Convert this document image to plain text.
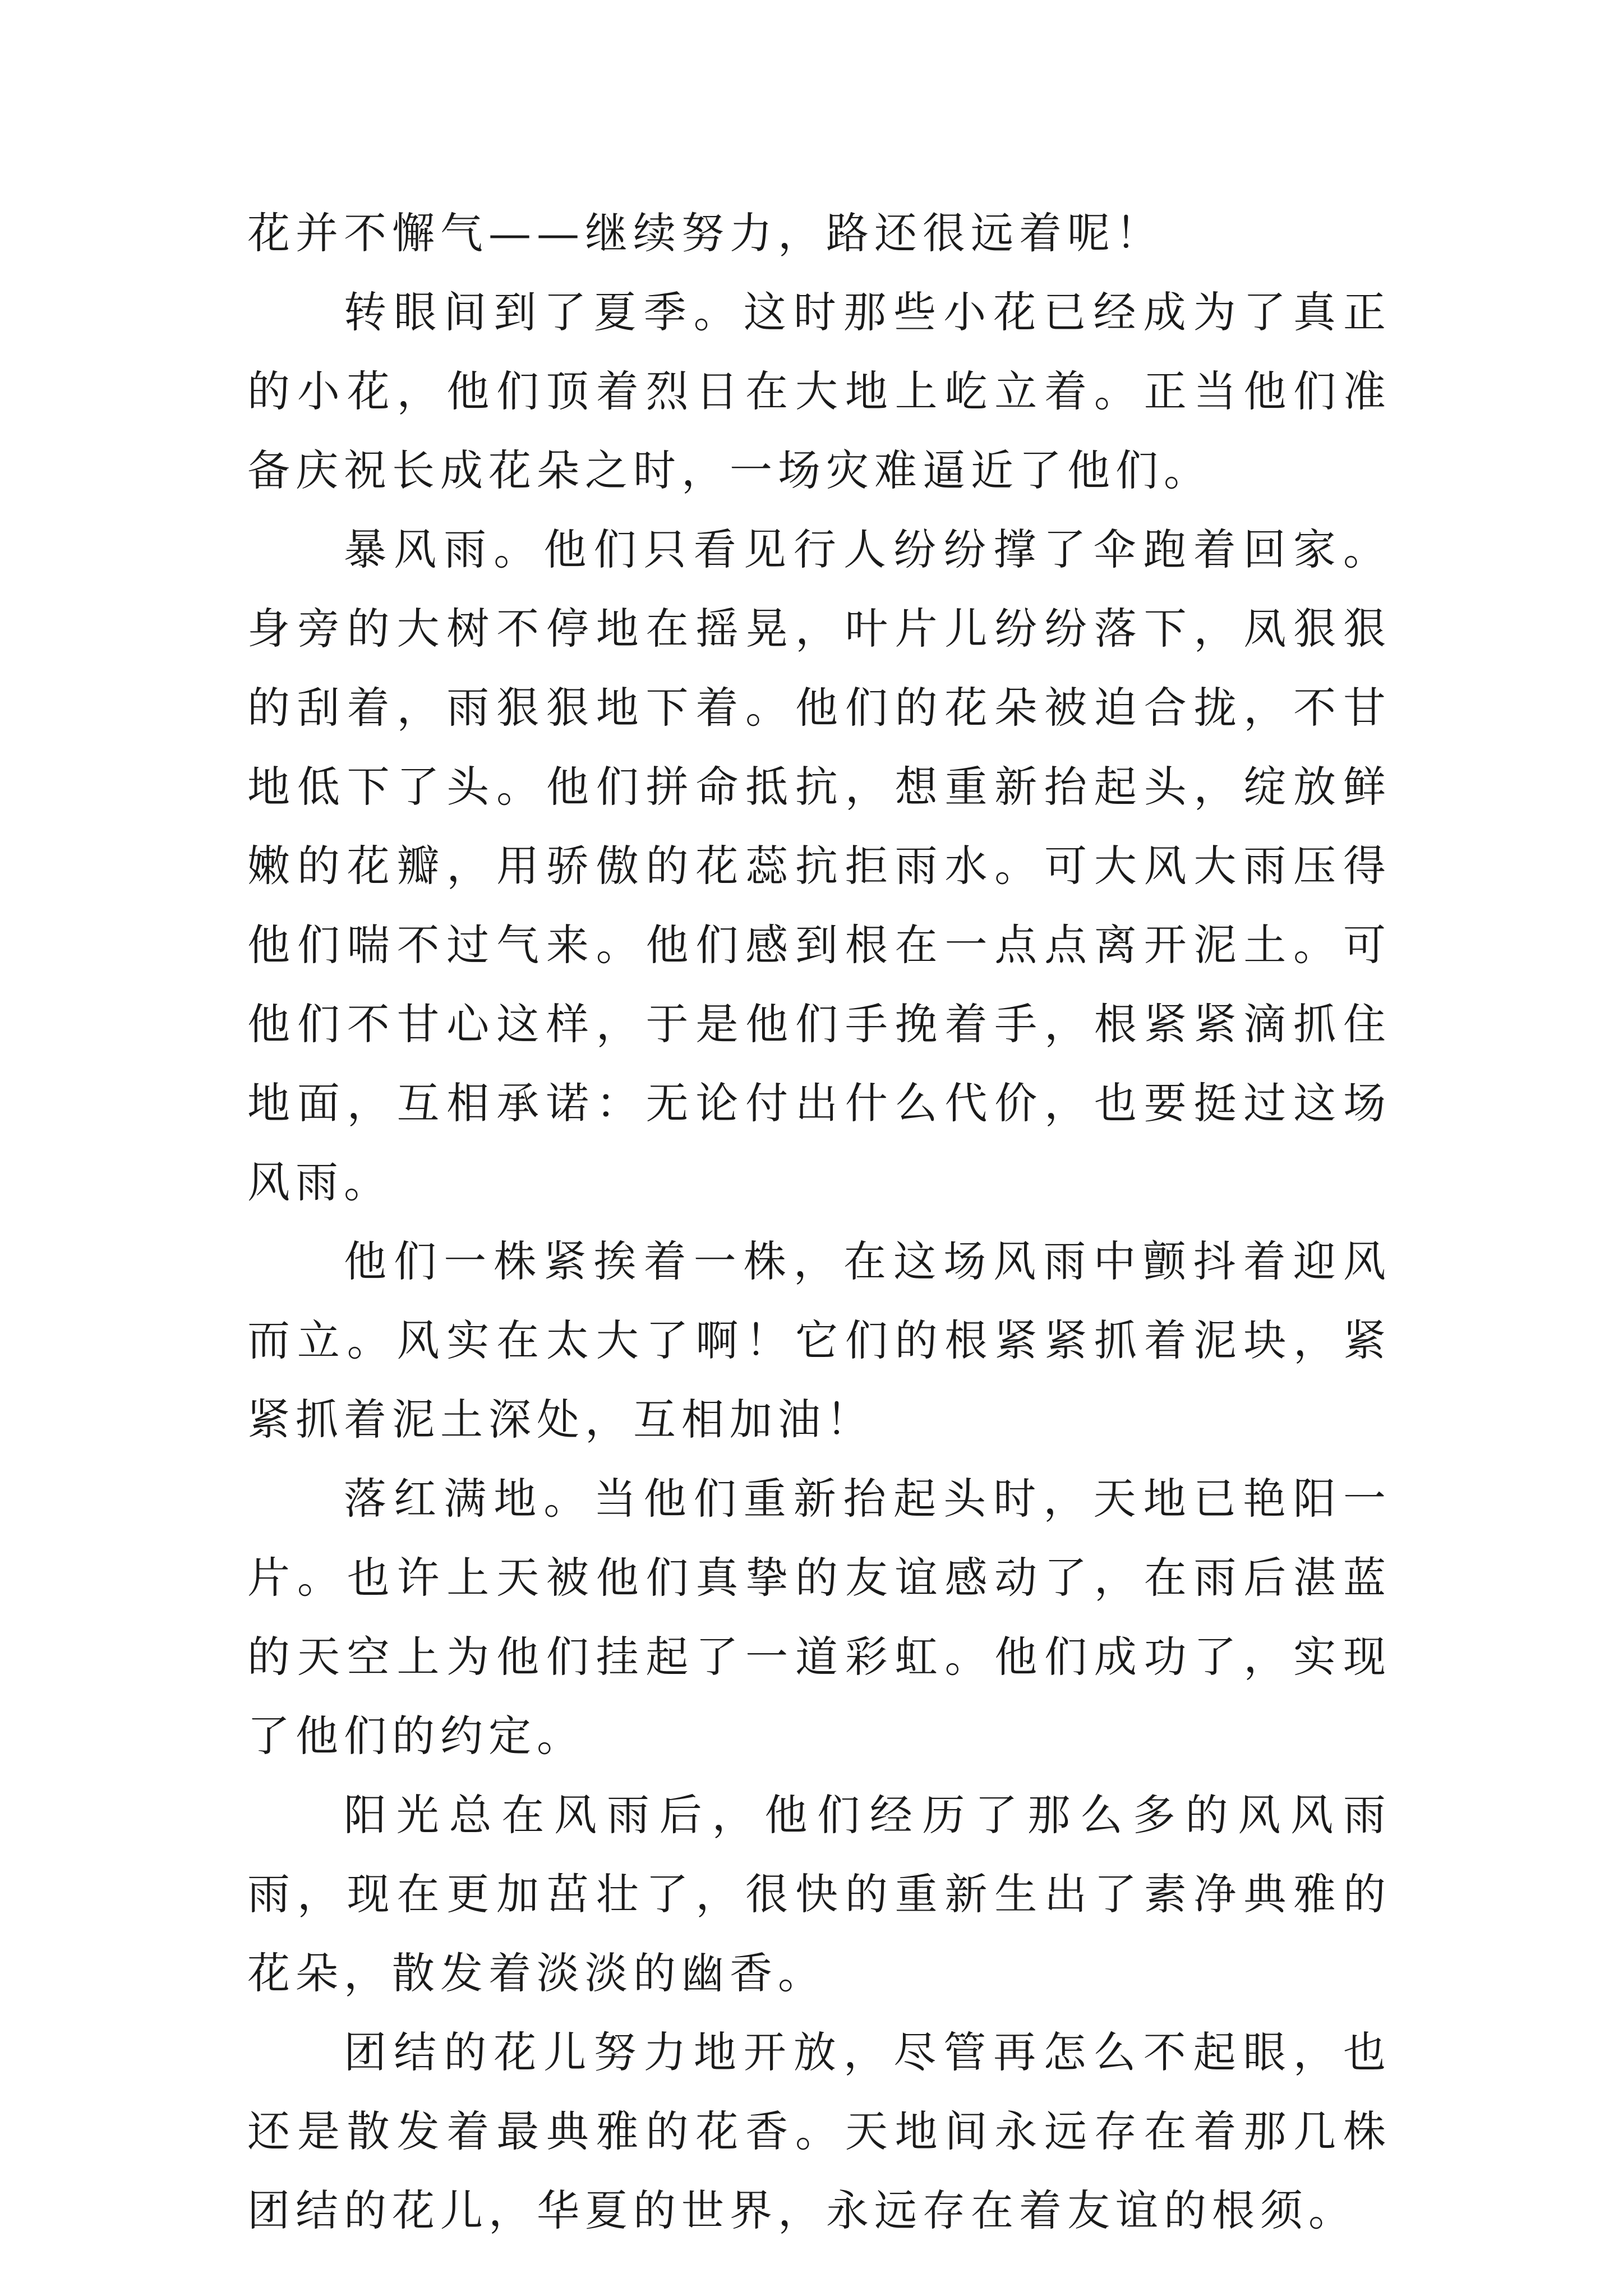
花并不懈气——继续努力，路还很远着呢！

转眼间到了夏季。这时那些小花已经成为了真正的小花，他们顶着烈日在大地上屹立着。正当他们准备庆祝长成花朵之时，一场灾难逼近了他们。

暴风雨。他们只看见行人纷纷撑了伞跑着回家。身旁的大树不停地在摇晃，叶片儿纷纷落下，凤狠狠的刮着，雨狠狠地下着。他们的花朵被迫合拢，不甘地低下了头。他们拼命抵抗，想重新抬起头，绽放鲜嫩的花瓣，用骄傲的花蕊抗拒雨水。可大风大雨压得他们喘不过气来。他们感到根在一点点离开泥土。可他们不甘心这样，于是他们手挽着手，根紧紧滴抓住地面，互相承诺：无论付出什么代价，也要挺过这场风雨。

他们一株紧挨着一株，在这场风雨中颤抖着迎风而立。风实在太大了啊！它们的根紧紧抓着泥块，紧紧抓着泥土深处，互相加油！

落红满地。当他们重新抬起头时，天地已艳阳一片。也许上天被他们真挚的友谊感动了，在雨后湛蓝的天空上为他们挂起了一道彩虹。他们成功了，实现了他们的约定。

阳光总在风雨后，他们经历了那么多的风风雨雨，现在更加茁壮了，很快的重新生出了素净典雅的花朵，散发着淡淡的幽香。

团结的花儿努力地开放，尽管再怎么不起眼，也还是散发着最典雅的花香。天地间永远存在着那几株团结的花儿，华夏的世界，永远存在着友谊的根须。
